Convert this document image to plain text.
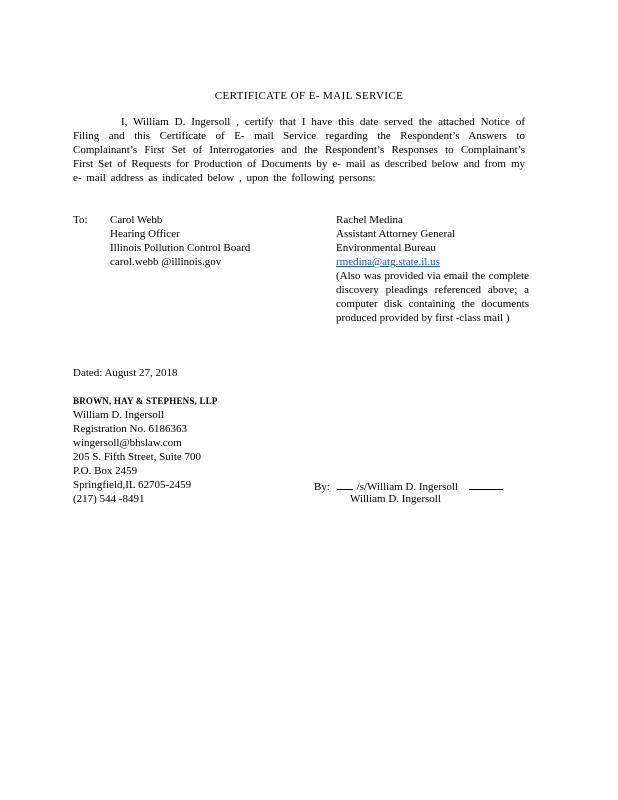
CERTIFICATE OF E- MAIL SERVICE
I, William D. Ingersoll , certify that I have this date served the attached Notice of Filing and this Certificate of E- mail Service regarding the Respondent’s Answers to Complainant’s First Set of Interrogatories and the Respondent’s Responses to Complainant’s First Set of Requests for Production of Documents by e- mail as described below and from my e- mail address as indicated below , upon the following persons:
To: Carol Webb
Hearing Officer
Illinois Pollution Control Board
carol.webb @illinois.gov
Rachel Medina
Assistant Attorney General
Environmental Bureau
rmedina@atg.state.il.us
(Also was provided via email the complete discovery pleadings referenced above; a computer disk containing the documents produced provided by first -class mail )
Dated: August 27, 2018
BROWN, HAY & STEPHENS, LLP
William D. Ingersoll
Registration No. 6186363
wingersoll@bhslaw.com
205 S. Fifth Street, Suite 700
P.O. Box 2459
Springfield,IL 62705-2459
(217) 544 -8491
By: /s/William D. Ingersoll
William D. Ingersoll
